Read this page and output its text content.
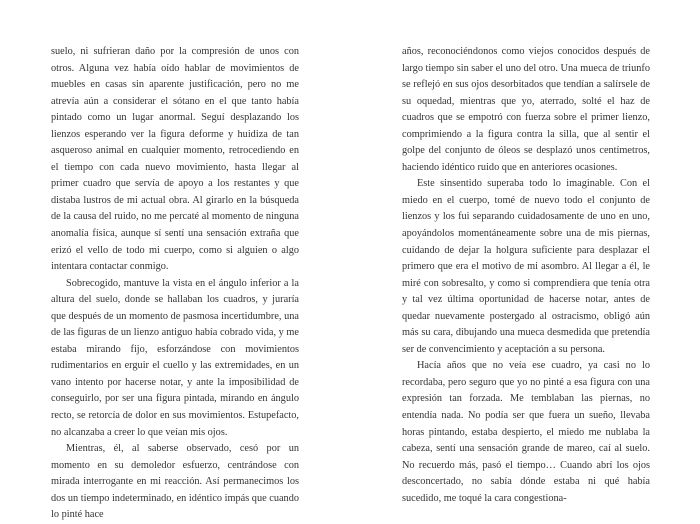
suelo, ni sufrieran daño por la compresión de unos con otros. Alguna vez había oído hablar de movimientos de muebles en casas sin aparente justificación, pero no me atrevía aún a considerar el sótano en el que tanto había pintado como un lugar anormal. Seguí desplazando los lienzos esperando ver la figura deforme y huidiza de tan asqueroso animal en cualquier momento, retrocediendo en el tiempo con cada nuevo movimiento, hasta llegar al primer cuadro que servía de apoyo a los restantes y que distaba lustros de mi actual obra. Al girarlo en la búsqueda de la causa del ruido, no me percaté al momento de ninguna anomalía física, aunque sí sentí una sensación extraña que erizó el vello de todo mi cuerpo, como si alguien o algo intentara contactar conmigo.

Sobrecogido, mantuve la vista en el ángulo inferior a la altura del suelo, donde se hallaban los cuadros, y juraría que después de un momento de pasmosa incertidumbre, una de las figuras de un lienzo antiguo había cobrado vida, y me estaba mirando fijo, esforzándose con movimientos rudimentarios en erguir el cuello y las extremidades, en un vano intento por hacerse notar, y ante la imposibilidad de conseguirlo, por ser una figura pintada, mirando en ángulo recto, se retorcía de dolor en sus movimientos. Estupefacto, no alcanzaba a creer lo que veían mis ojos.

Mientras, él, al saberse observado, cesó por un momento en su demoledor esfuerzo, centrándose con mirada interrogante en mi reacción. Así permanecimos los dos un tiempo indeterminado, en idéntico impás que cuando lo pinté hace

años, reconociéndonos como viejos conocidos después de largo tiempo sin saber el uno del otro. Una mueca de triunfo se reflejó en sus ojos desorbitados que tendían a salírsele de su oquedad, mientras que yo, aterrado, solté el haz de cuadros que se empotró con fuerza sobre el primer lienzo, comprimiendo a la figura contra la silla, que al sentir el golpe del conjunto de óleos se desplazó unos centímetros, haciendo idéntico ruido que en anteriores ocasiones.

Este sinsentido superaba todo lo imaginable. Con el miedo en el cuerpo, tomé de nuevo todo el conjunto de lienzos y los fui separando cuidadosamente de uno en uno, apoyándolos momentáneamente sobre una de mis piernas, cuidando de dejar la holgura suficiente para desplazar el primero que era el motivo de mi asombro. Al llegar a él, le miré con sobresalto, y como si comprendiera que tenía otra y tal vez última oportunidad de hacerse notar, antes de quedar nuevamente postergado al ostracismo, obligó aún más su cara, dibujando una mueca desmedida que pretendía ser de convencimiento y aceptación a su persona.

Hacía años que no veía ese cuadro, ya casi no lo recordaba, pero seguro que yo no pinté a esa figura con una expresión tan forzada. Me temblaban las piernas, no entendía nada. No podía ser que fuera un sueño, llevaba horas pintando, estaba despierto, el miedo me nublaba la cabeza, sentí una sensación grande de mareo, caí al suelo. No recuerdo más, pasó el tiempo… Cuando abrí los ojos desconcertado, no sabía dónde estaba ni qué había sucedido, me toqué la cara congestiona-
